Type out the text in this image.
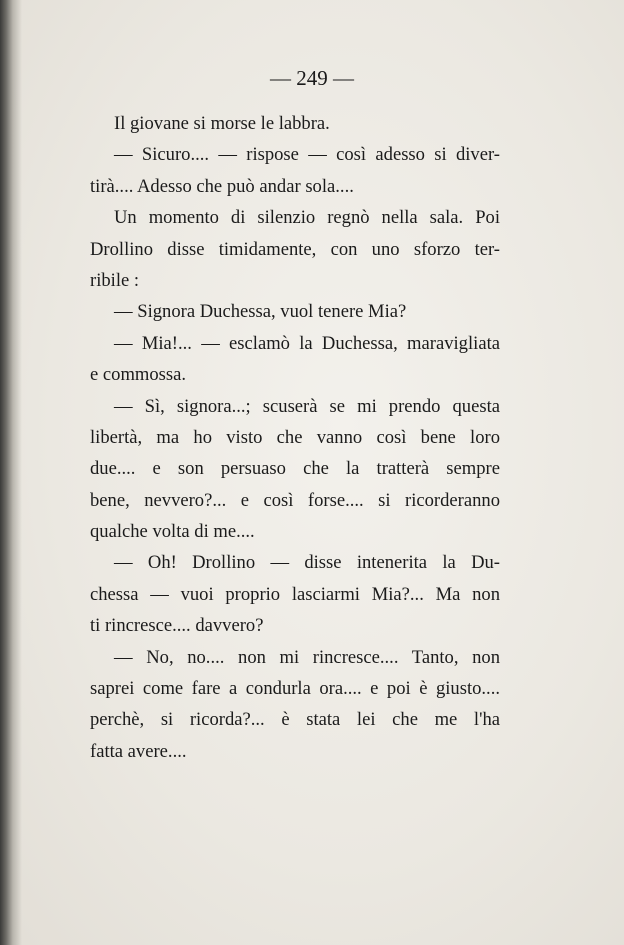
— 249 —

Il giovane si morse le labbra.

— Sicuro.... — rispose — così adesso si diver-

tirà.... Adesso che può andar sola....

Un momento di silenzio regnò nella sala. Poi

Drollino disse timidamente, con uno sforzo ter-

ribile :

— Signora Duchessa, vuol tenere Mia?

— Mia!... — esclamò la Duchessa, maravigliata

e commossa.

— Sì, signora...; scuserà se mi prendo questa

libertà, ma ho visto che vanno così bene loro

due.... e son persuaso che la tratterà sempre

bene, nevvero?... e così forse.... si ricorderanno

qualche volta di me....

— Oh! Drollino — disse intenerita la Du-

chessa — vuoi proprio lasciarmi Mia?... Ma non

ti rincresce.... davvero?

— No, no.... non mi rincresce.... Tanto, non

saprei come fare a condurla ora.... e poi è giusto....

perchè, si ricorda?... è stata lei che me l'ha

fatta avere....
